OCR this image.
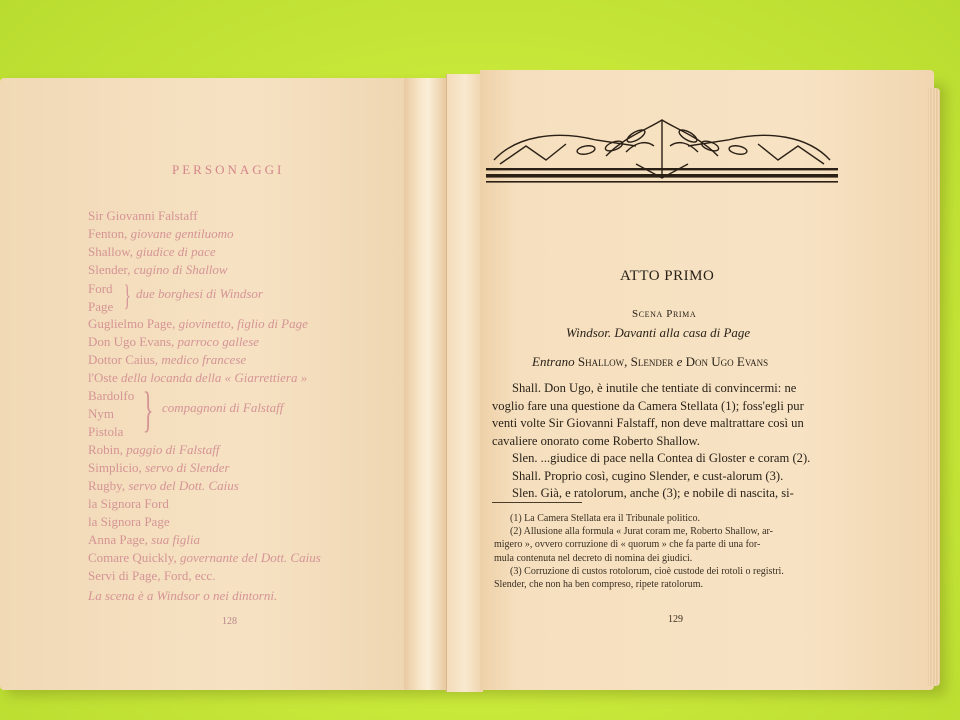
PERSONAGGI
Sir Giovanni Falstaff
Fenton, giovane gentiluomo
Shallow, giudice di pace
Slender, cugino di Shallow
Ford
Page
Guglielmo Page, giovinetto, figlio di Page
Don Ugo Evans, parroco gallese
Dottor Caius, medico francese
l'Oste della locanda della « Giarrettiera »
Bardolfo
Nym
Pistola
Robin, paggio di Falstaff
Simplicio, servo di Slender
Rugby, servo del Dott. Caius
la Signora Ford
la Signora Page
Anna Page, sua figlia
Comare Quickly, governante del Dott. Caius
Servi di Page, Ford, ecc.
} due borghesi di Windsor
} compagnoni di Falstaff
La scena è a Windsor o nei dintorni.
128
ATTO PRIMO
Scena Prima
Windsor. Davanti alla casa di Page
Entrano Shallow, Slender e Don Ugo Evans

Shall. Don Ugo, è inutile che tentiate di convincermi: ne

voglio fare una questione da Camera Stellata (1); foss'egli pur

venti volte Sir Giovanni Falstaff, non deve maltrattare così un

cavaliere onorato come Roberto Shallow.

Slen. ...giudice di pace nella Contea di Gloster e coram (2).

Shall. Proprio così, cugino Slender, e cust-alorum (3).

Slen. Già, e ratolorum, anche (3); e nobile di nascita, si-

(1) La Camera Stellata era il Tribunale politico.

(2) Allusione alla formula « Jurat coram me, Roberto Shallow, ar-

migero », ovvero corruzione di « quorum » che fa parte di una for-

mula contenuta nel decreto di nomina dei giudici.

(3) Corruzione di custos rotolorum, cioè custode dei rotoli o registri.

Slender, che non ha ben compreso, ripete ratolorum.

129
